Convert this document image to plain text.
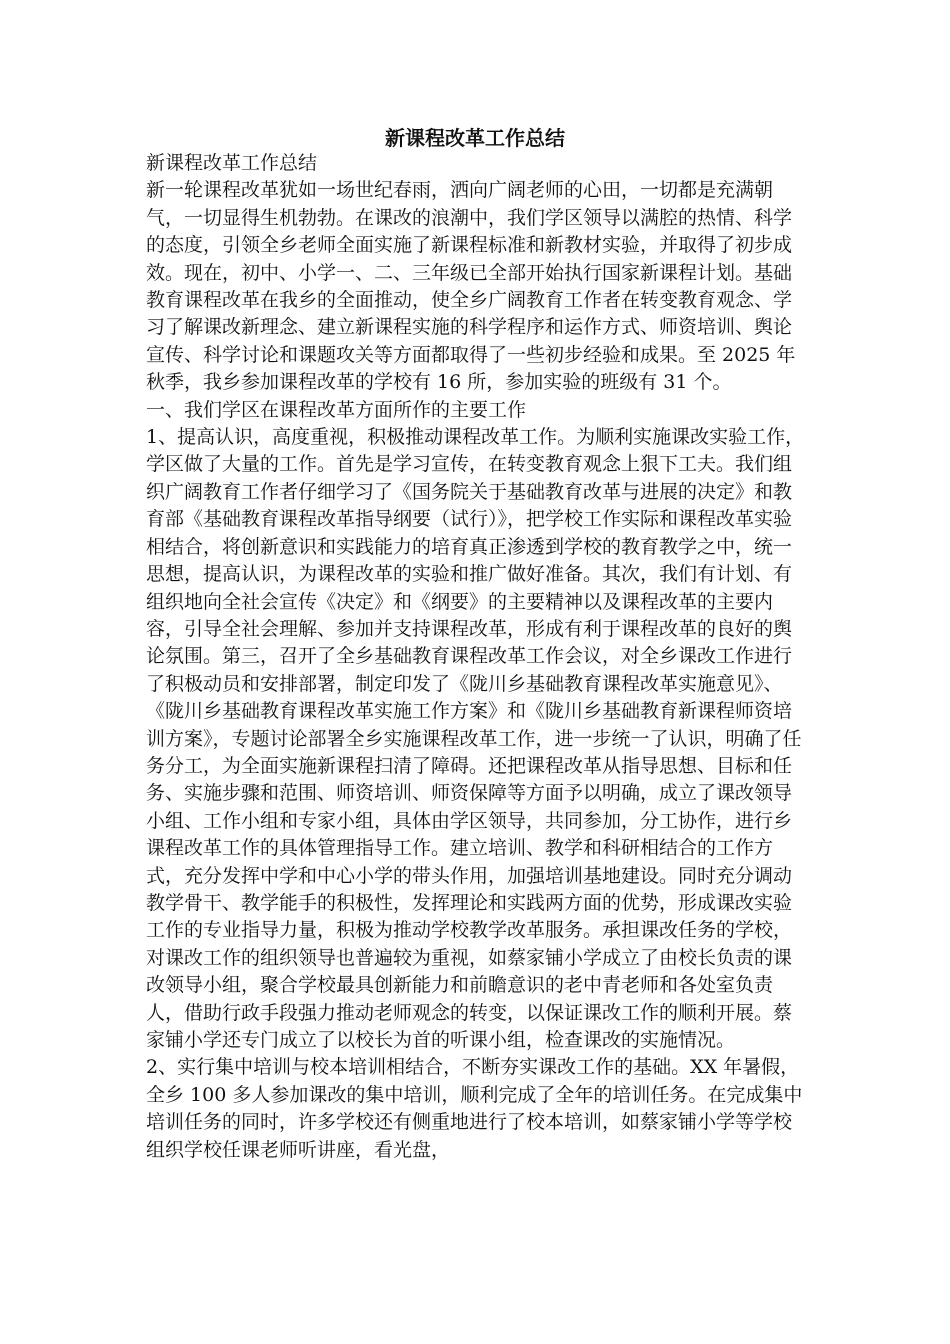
新课程改革工作总结

新课程改革工作总结

新一轮课程改革犹如一场世纪春雨，洒向广阔老师的心田，一切都是充满朝气，一切显得生机勃勃。在课改的浪潮中，我们学区领导以满腔的热情、科学的态度，引领全乡老师全面实施了新课程标准和新教材实验，并取得了初步成效。现在，初中、小学一、二、三年级已全部开始执行国家新课程计划。基础教育课程改革在我乡的全面推动，使全乡广阔教育工作者在转变教育观念、学习了解课改新理念、建立新课程实施的科学程序和运作方式、师资培训、舆论宣传、科学讨论和课题攻关等方面都取得了一些初步经验和成果。至 2025 年秋季，我乡参加课程改革的学校有 16 所，参加实验的班级有 31 个。

一、我们学区在课程改革方面所作的主要工作

1、提高认识，高度重视，积极推动课程改革工作。为顺利实施课改实验工作，学区做了大量的工作。首先是学习宣传，在转变教育观念上狠下工夫。我们组织广阔教育工作者仔细学习了《国务院关于基础教育改革与进展的决定》和教育部《基础教育课程改革指导纲要（试行）》，把学校工作实际和课程改革实验相结合，将创新意识和实践能力的培育真正渗透到学校的教育教学之中，统一思想，提高认识，为课程改革的实验和推广做好准备。其次，我们有计划、有组织地向全社会宣传《决定》和《纲要》的主要精神以及课程改革的主要内容，引导全社会理解、参加并支持课程改革，形成有利于课程改革的良好的舆论氛围。第三，召开了全乡基础教育课程改革工作会议，对全乡课改工作进行了积极动员和安排部署，制定印发了《陇川乡基础教育课程改革实施意见》、《陇川乡基础教育课程改革实施工作方案》和《陇川乡基础教育新课程师资培训方案》，专题讨论部署全乡实施课程改革工作，进一步统一了认识，明确了任务分工，为全面实施新课程扫清了障碍。还把课程改革从指导思想、目标和任务、实施步骤和范围、师资培训、师资保障等方面予以明确，成立了课改领导小组、工作小组和专家小组，具体由学区领导，共同参加，分工协作，进行乡课程改革工作的具体管理指导工作。建立培训、教学和科研相结合的工作方式，充分发挥中学和中心小学的带头作用，加强培训基地建设。同时充分调动教学骨干、教学能手的积极性，发挥理论和实践两方面的优势，形成课改实验工作的专业指导力量，积极为推动学校教学改革服务。承担课改任务的学校，对课改工作的组织领导也普遍较为重视，如蔡家铺小学成立了由校长负责的课改领导小组，聚合学校最具创新能力和前瞻意识的老中青老师和各处室负责人，借助行政手段强力推动老师观念的转变，以保证课改工作的顺利开展。蔡家铺小学还专门成立了以校长为首的听课小组，检查课改的实施情况。

2、实行集中培训与校本培训相结合，不断夯实课改工作的基础。XX 年暑假，全乡 100 多人参加课改的集中培训，顺利完成了全年的培训任务。在完成集中培训任务的同时，许多学校还有侧重地进行了校本培训，如蔡家铺小学等学校组织学校任课老师听讲座，看光盘，
